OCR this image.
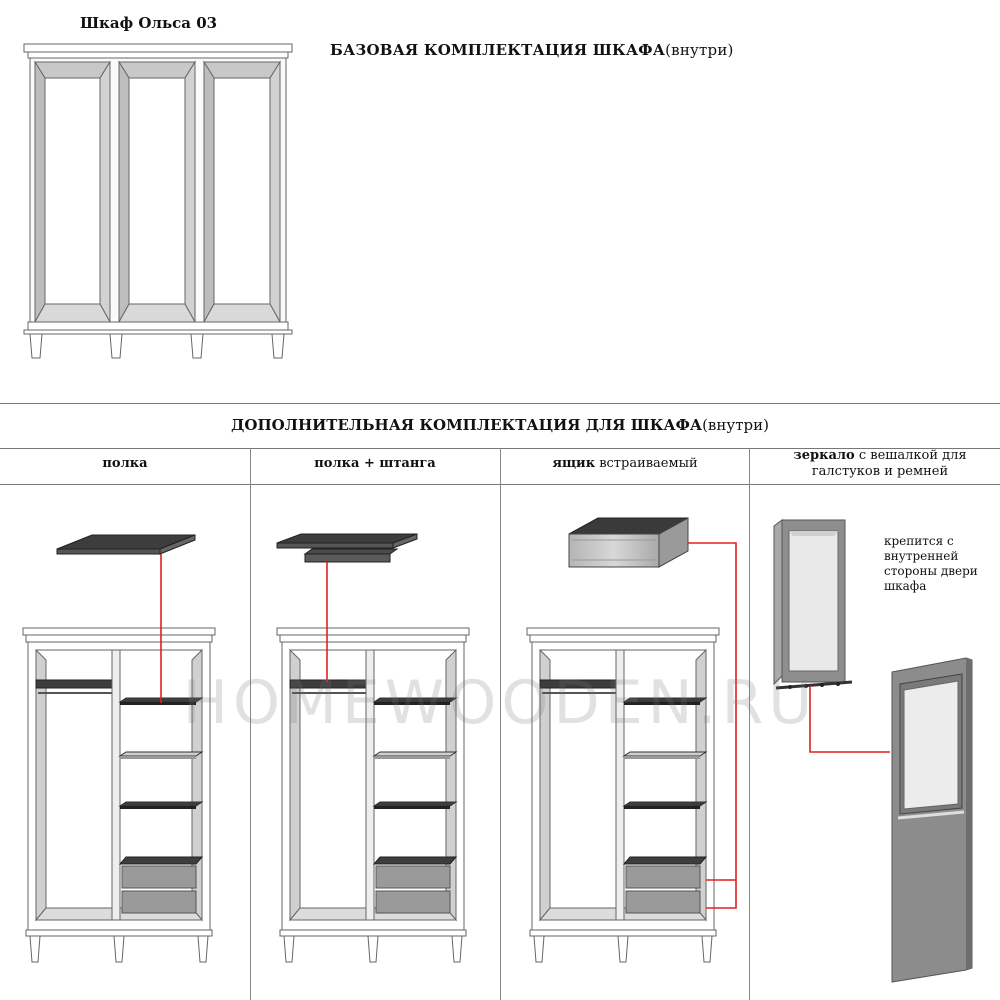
Шкаф Ольса 03
БАЗОВАЯ КОМПЛЕКТАЦИЯ ШКАФА(внутри)
ДОПОЛНИТЕЛЬНАЯ КОМПЛЕКТАЦИЯ ДЛЯ ШКАФА(внутри)
полка	полка + штанга	ящик встраиваемый
зеркало с вешалкой для галстуков и ремней
крепится с внутренней стороны двери шкафа
HOMEWOODEN.RU
